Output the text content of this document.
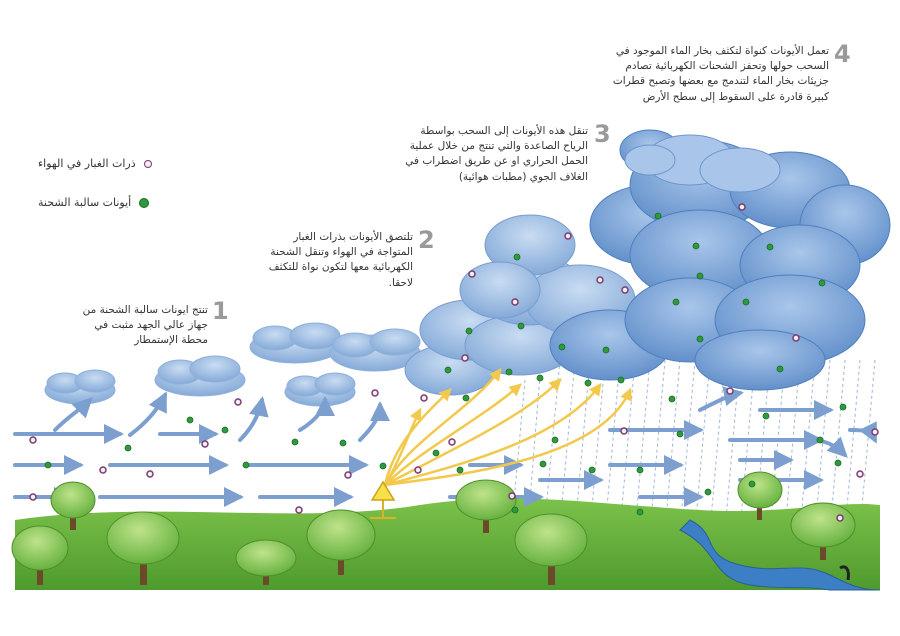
ذرات الغبار في الهواء
أيونات سالبة الشحنة
1
تنتج ايونات سالبة الشحنة من جهاز عالي الجهد مثبت في محطة الإستمطار
2
تلتصق الأيونات بذرات الغبار المتواجة في الهواء وتنقل الشحنة الكهربائية معها لتكون نواة للتكثف لاحقا.
3
تنقل هذه الأيونات إلى السحب بواسطة الرياح الصاعدة والتي تنتج من خلال عملية الحمل الحراري او عن طريق اضطراب في الغلاف الجوي (مطبات هوائية)
4
تعمل الأيونات كنواة لتكثف بخار الماء الموجود في السحب حولها وتحفز الشحنات الكهربائية تصادم جزيئات بخار الماء لتندمج مع بعضها وتصبح قطرات كبيرة قادرة على السقوط إلى سطح الأرض
